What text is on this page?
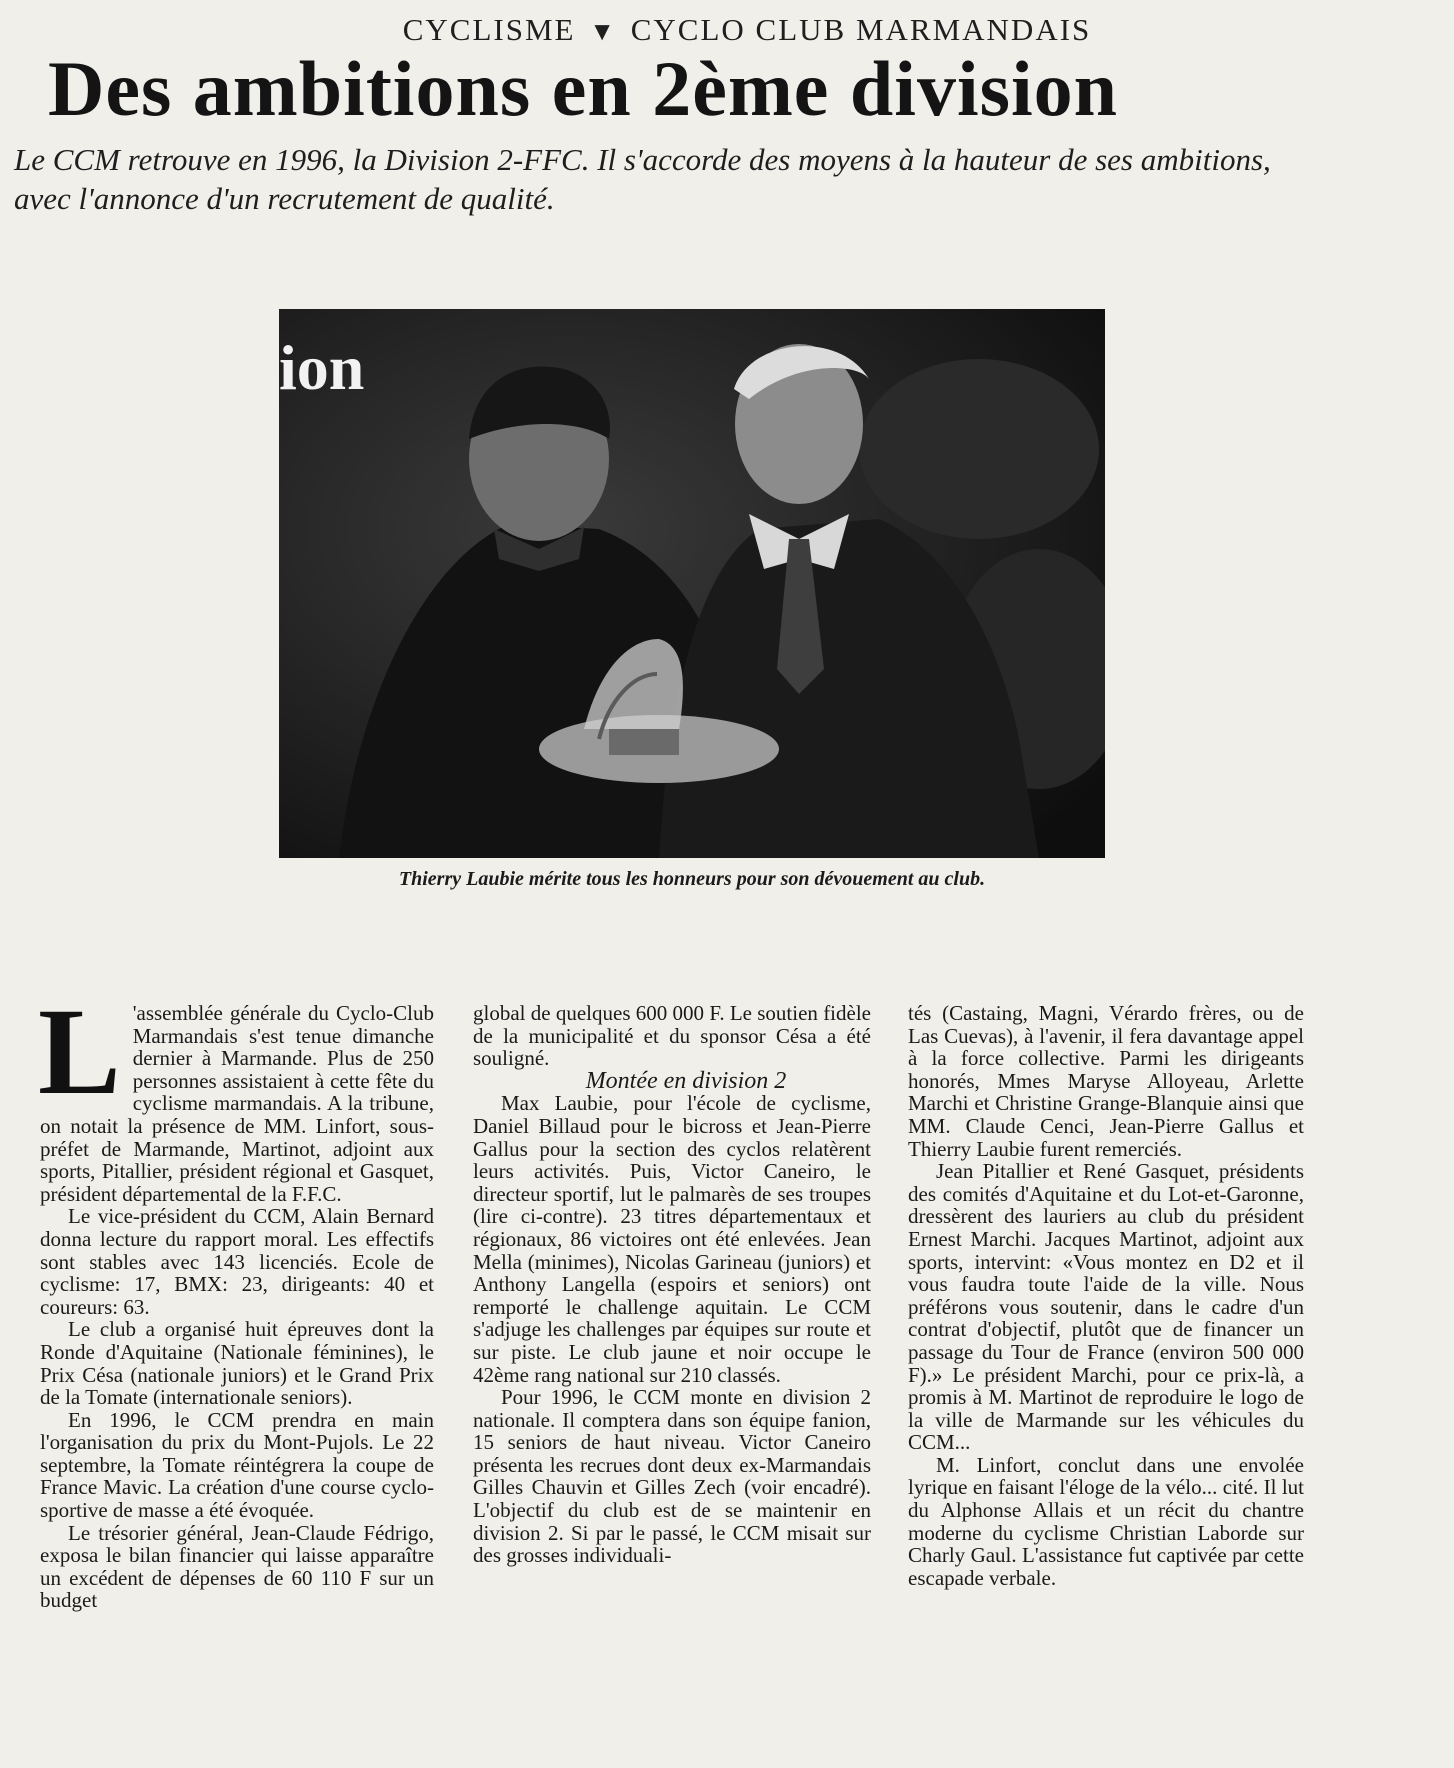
CYCLISME ▼ CYCLO CLUB MARMANDAIS
Des ambitions en 2ème division

Le CCM retrouve en 1996, la Division 2-FFC. Il s'accorde des moyens à la hauteur de ses ambitions, avec l'annonce d'un recrutement de qualité.

ion

Thierry Laubie mérite tous les honneurs pour son dévouement au club.

L 'assemblée générale du Cyclo-Club Marmandais s'est tenue dimanche dernier à Marmande. Plus de 250 personnes assistaient à cette fête du cyclisme marmandais. A la tribune, on notait la présence de MM. Linfort, sous-préfet de Marmande, Martinot, adjoint aux sports, Pitallier, président régional et Gasquet, président départemental de la F.F.C.

Le vice-président du CCM, Alain Bernard donna lecture du rapport moral. Les effectifs sont stables avec 143 licenciés. Ecole de cyclisme: 17, BMX: 23, dirigeants: 40 et coureurs: 63.

Le club a organisé huit épreuves dont la Ronde d'Aquitaine (Nationale féminines), le Prix Césa (nationale juniors) et le Grand Prix de la Tomate (internationale seniors).

En 1996, le CCM prendra en main l'organisation du prix du Mont-Pujols. Le 22 septembre, la Tomate réintégrera la coupe de France Mavic. La création d'une course cyclo-sportive de masse a été évoquée.

Le trésorier général, Jean-Claude Fédrigo, exposa le bilan financier qui laisse apparaître un excédent de dépenses de 60 110 F sur un budget

global de quelques 600 000 F. Le soutien fidèle de la municipalité et du sponsor Césa a été souligné.

Montée en division 2

Max Laubie, pour l'école de cyclisme, Daniel Billaud pour le bicross et Jean-Pierre Gallus pour la section des cyclos relatèrent leurs activités. Puis, Victor Caneiro, le directeur sportif, lut le palmarès de ses troupes (lire ci-contre). 23 titres départementaux et régionaux, 86 victoires ont été enlevées. Jean Mella (minimes), Nicolas Garineau (juniors) et Anthony Langella (espoirs et seniors) ont remporté le challenge aquitain. Le CCM s'adjuge les challenges par équipes sur route et sur piste. Le club jaune et noir occupe le 42ème rang national sur 210 classés.

Pour 1996, le CCM monte en division 2 nationale. Il comptera dans son équipe fanion, 15 seniors de haut niveau. Victor Caneiro présenta les recrues dont deux ex-Marmandais Gilles Chauvin et Gilles Zech (voir encadré). L'objectif du club est de se maintenir en division 2. Si par le passé, le CCM misait sur des grosses individuali-

tés (Castaing, Magni, Vérardo frères, ou de Las Cuevas), à l'avenir, il fera davantage appel à la force collective. Parmi les dirigeants honorés, Mmes Maryse Alloyeau, Arlette Marchi et Christine Grange-Blanquie ainsi que MM. Claude Cenci, Jean-Pierre Gallus et Thierry Laubie furent remerciés.

Jean Pitallier et René Gasquet, présidents des comités d'Aquitaine et du Lot-et-Garonne, dressèrent des lauriers au club du président Ernest Marchi. Jacques Martinot, adjoint aux sports, intervint: «Vous montez en D2 et il vous faudra toute l'aide de la ville. Nous préférons vous soutenir, dans le cadre d'un contrat d'objectif, plutôt que de financer un passage du Tour de France (environ 500 000 F).» Le président Marchi, pour ce prix-là, a promis à M. Martinot de reproduire le logo de la ville de Marmande sur les véhicules du CCM...

M. Linfort, conclut dans une envolée lyrique en faisant l'éloge de la vélo... cité. Il lut du Alphonse Allais et un récit du chantre moderne du cyclisme Christian Laborde sur Charly Gaul. L'assistance fut captivée par cette escapade verbale.
